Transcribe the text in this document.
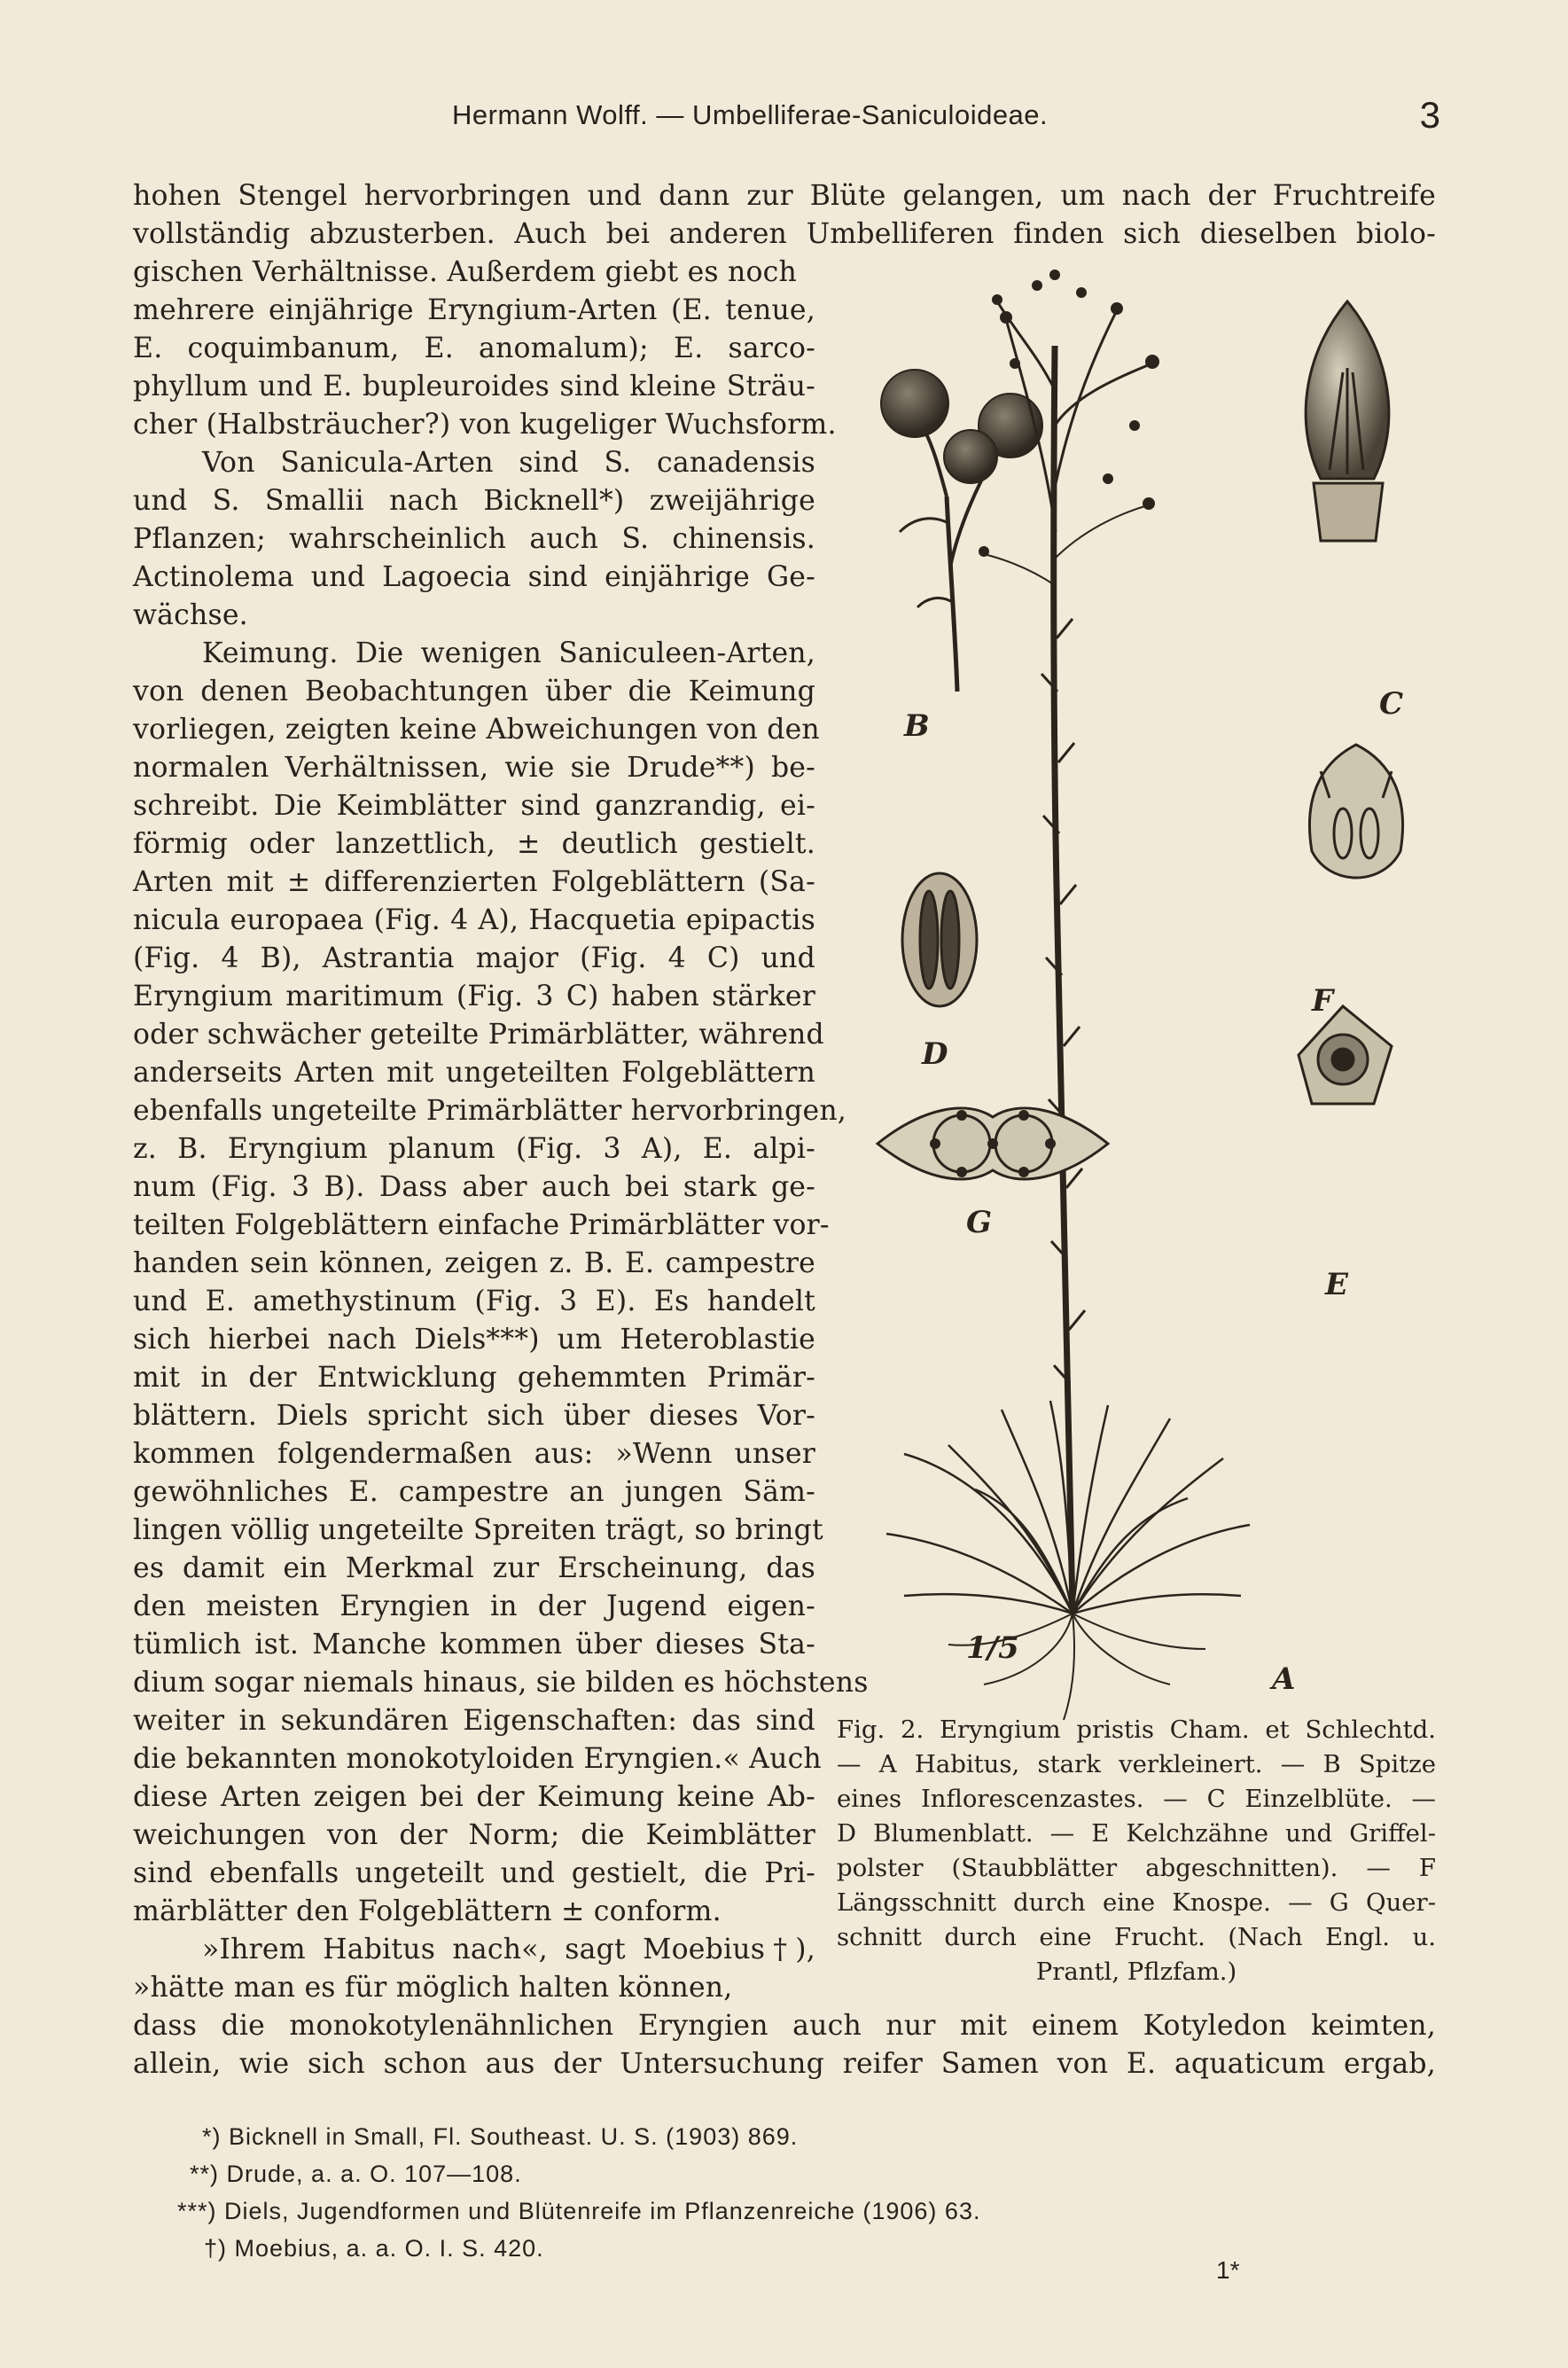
Hermann Wolff. — Umbelliferae-Saniculoideae.	3
hohen Stengel hervorbringen und dann zur Blüte gelangen, um nach der Fruchtreife
vollständig abzusterben. Auch bei anderen Umbelliferen finden sich dieselben biolo-
gischen Verhältnisse. Außerdem giebt es noch
mehrere einjährige Eryngium-Arten (E. tenue,
E. coquimbanum, E. anomalum); E. sarco-
phyllum und E. bupleuroides sind kleine Sträu-
cher (Halbsträucher?) von kugeliger Wuchsform.
Von Sanicula-Arten sind S. canadensis
und S. Smallii nach Bicknell*) zweijährige
Pflanzen; wahrscheinlich auch S. chinensis.
Actinolema und Lagoecia sind einjährige Ge-
wächse.
Keimung. Die wenigen Saniculeen-Arten,
von denen Beobachtungen über die Keimung
vorliegen, zeigten keine Abweichungen von den
normalen Verhältnissen, wie sie Drude**) be-
schreibt. Die Keimblätter sind ganzrandig, ei-
förmig oder lanzettlich, ± deutlich gestielt.
Arten mit ± differenzierten Folgeblättern (Sa-
nicula europaea (Fig. 4 A), Hacquetia epipactis
(Fig. 4 B), Astrantia major (Fig. 4 C) und
Eryngium maritimum (Fig. 3 C) haben stärker
oder schwächer geteilte Primärblätter, während
anderseits Arten mit ungeteilten Folgeblättern
ebenfalls ungeteilte Primärblätter hervorbringen,
z. B. Eryngium planum (Fig. 3 A), E. alpi-
num (Fig. 3 B). Dass aber auch bei stark ge-
teilten Folgeblättern einfache Primärblätter vor-
handen sein können, zeigen z. B. E. campestre
und E. amethystinum (Fig. 3 E). Es handelt
sich hierbei nach Diels***) um Heteroblastie
mit in der Entwicklung gehemmten Primär-
blättern. Diels spricht sich über dieses Vor-
kommen folgendermaßen aus: »Wenn unser
gewöhnliches E. campestre an jungen Säm-
lingen völlig ungeteilte Spreiten trägt, so bringt
es damit ein Merkmal zur Erscheinung, das
den meisten Eryngien in der Jugend eigen-
tümlich ist. Manche kommen über dieses Sta-
dium sogar niemals hinaus, sie bilden es höchstens
weiter in sekundären Eigenschaften: das sind
die bekannten monokotyloiden Eryngien.« Auch
diese Arten zeigen bei der Keimung keine Ab-
weichungen von der Norm; die Keimblätter
sind ebenfalls ungeteilt und gestielt, die Pri-
märblätter den Folgeblättern ± conform.
»Ihrem Habitus nach«, sagt Moebius†),
»hätte man es für möglich halten können,
dass die monokotylenähnlichen Eryngien auch nur mit einem Kotyledon keimten,
allein, wie sich schon aus der Untersuchung reifer Samen von E. aquaticum ergab,
B
C
D
F
G
E
A
1/5
Fig. 2. Eryngium pristis Cham. et Schlechtd.
— A Habitus, stark verkleinert. — B Spitze
eines Inflorescenzastes. — C Einzelblüte. —
D Blumenblatt. — E Kelchzähne und Griffel-
polster (Staubblätter abgeschnitten). — F
Längsschnitt durch eine Knospe. — G Quer-
schnitt durch eine Frucht. (Nach Engl. u.
Prantl, Pflzfam.)
*) Bicknell in Small, Fl. Southeast. U. S. (1903) 869.
**) Drude, a. a. O. 107—108.
***) Diels, Jugendformen und Blütenreife im Pflanzenreiche (1906) 63.
†) Moebius, a. a. O. I. S. 420.
1*
